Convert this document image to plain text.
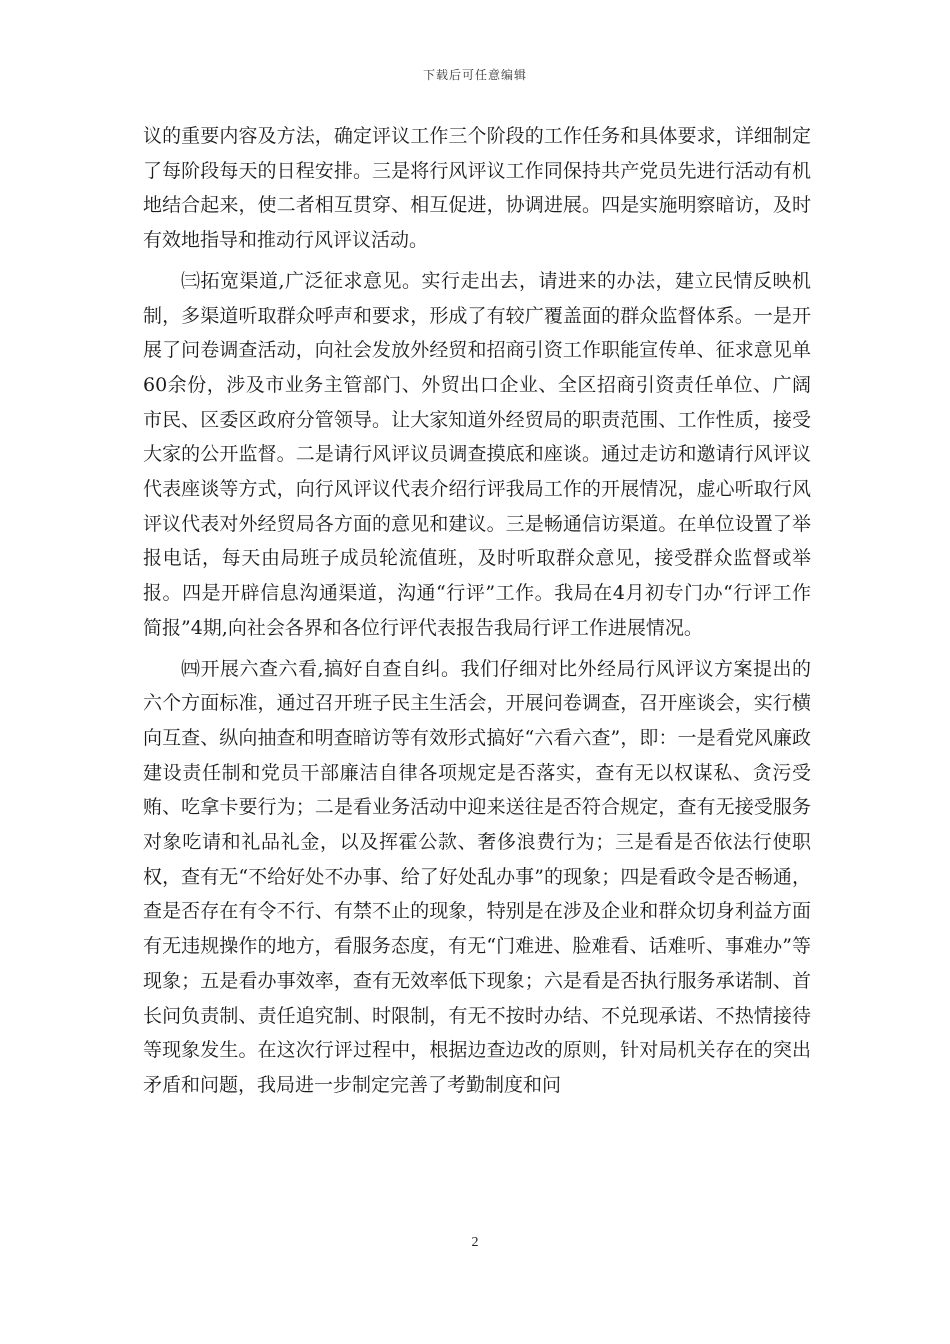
下载后可任意编辑

议的重要内容及方法，确定评议工作三个阶段的工作任务和具体要求，详细制定了每阶段每天的日程安排。三是将行风评议工作同保持共产党员先进行活动有机地结合起来，使二者相互贯穿、相互促进，协调进展。四是实施明察暗访，及时有效地指导和推动行风评议活动。

㈢拓宽渠道,广泛征求意见。实行走出去，请进来的办法，建立民情反映机制，多渠道听取群众呼声和要求，形成了有较广覆盖面的群众监督体系。一是开展了问卷调查活动，向社会发放外经贸和招商引资工作职能宣传单、征求意见单60余份，涉及市业务主管部门、外贸出口企业、全区招商引资责任单位、广阔市民、区委区政府分管领导。让大家知道外经贸局的职责范围、工作性质，接受大家的公开监督。二是请行风评议员调查摸底和座谈。通过走访和邀请行风评议代表座谈等方式，向行风评议代表介绍行评我局工作的开展情况，虚心听取行风评议代表对外经贸局各方面的意见和建议。三是畅通信访渠道。在单位设置了举报电话，每天由局班子成员轮流值班，及时听取群众意见，接受群众监督或举报。四是开辟信息沟通渠道，沟通“行评”工作。我局在4月初专门办“行评工作简报”4期,向社会各界和各位行评代表报告我局行评工作进展情况。

㈣开展六查六看,搞好自查自纠。我们仔细对比外经局行风评议方案提出的六个方面标准，通过召开班子民主生活会，开展问卷调查，召开座谈会，实行横向互查、纵向抽查和明查暗访等有效形式搞好“六看六查”，即：一是看党风廉政建设责任制和党员干部廉洁自律各项规定是否落实，查有无以权谋私、贪污受贿、吃拿卡要行为；二是看业务活动中迎来送往是否符合规定，查有无接受服务对象吃请和礼品礼金，以及挥霍公款、奢侈浪费行为；三是看是否依法行使职权，查有无“不给好处不办事、给了好处乱办事”的现象；四是看政令是否畅通，查是否存在有令不行、有禁不止的现象，特别是在涉及企业和群众切身利益方面有无违规操作的地方，看服务态度，有无“门难进、脸难看、话难听、事难办”等现象；五是看办事效率，查有无效率低下现象；六是看是否执行服务承诺制、首长问负责制、责任追究制、时限制，有无不按时办结、不兑现承诺、不热情接待等现象发生。在这次行评过程中，根据边查边改的原则，针对局机关存在的突出矛盾和问题，我局进一步制定完善了考勤制度和问

2
